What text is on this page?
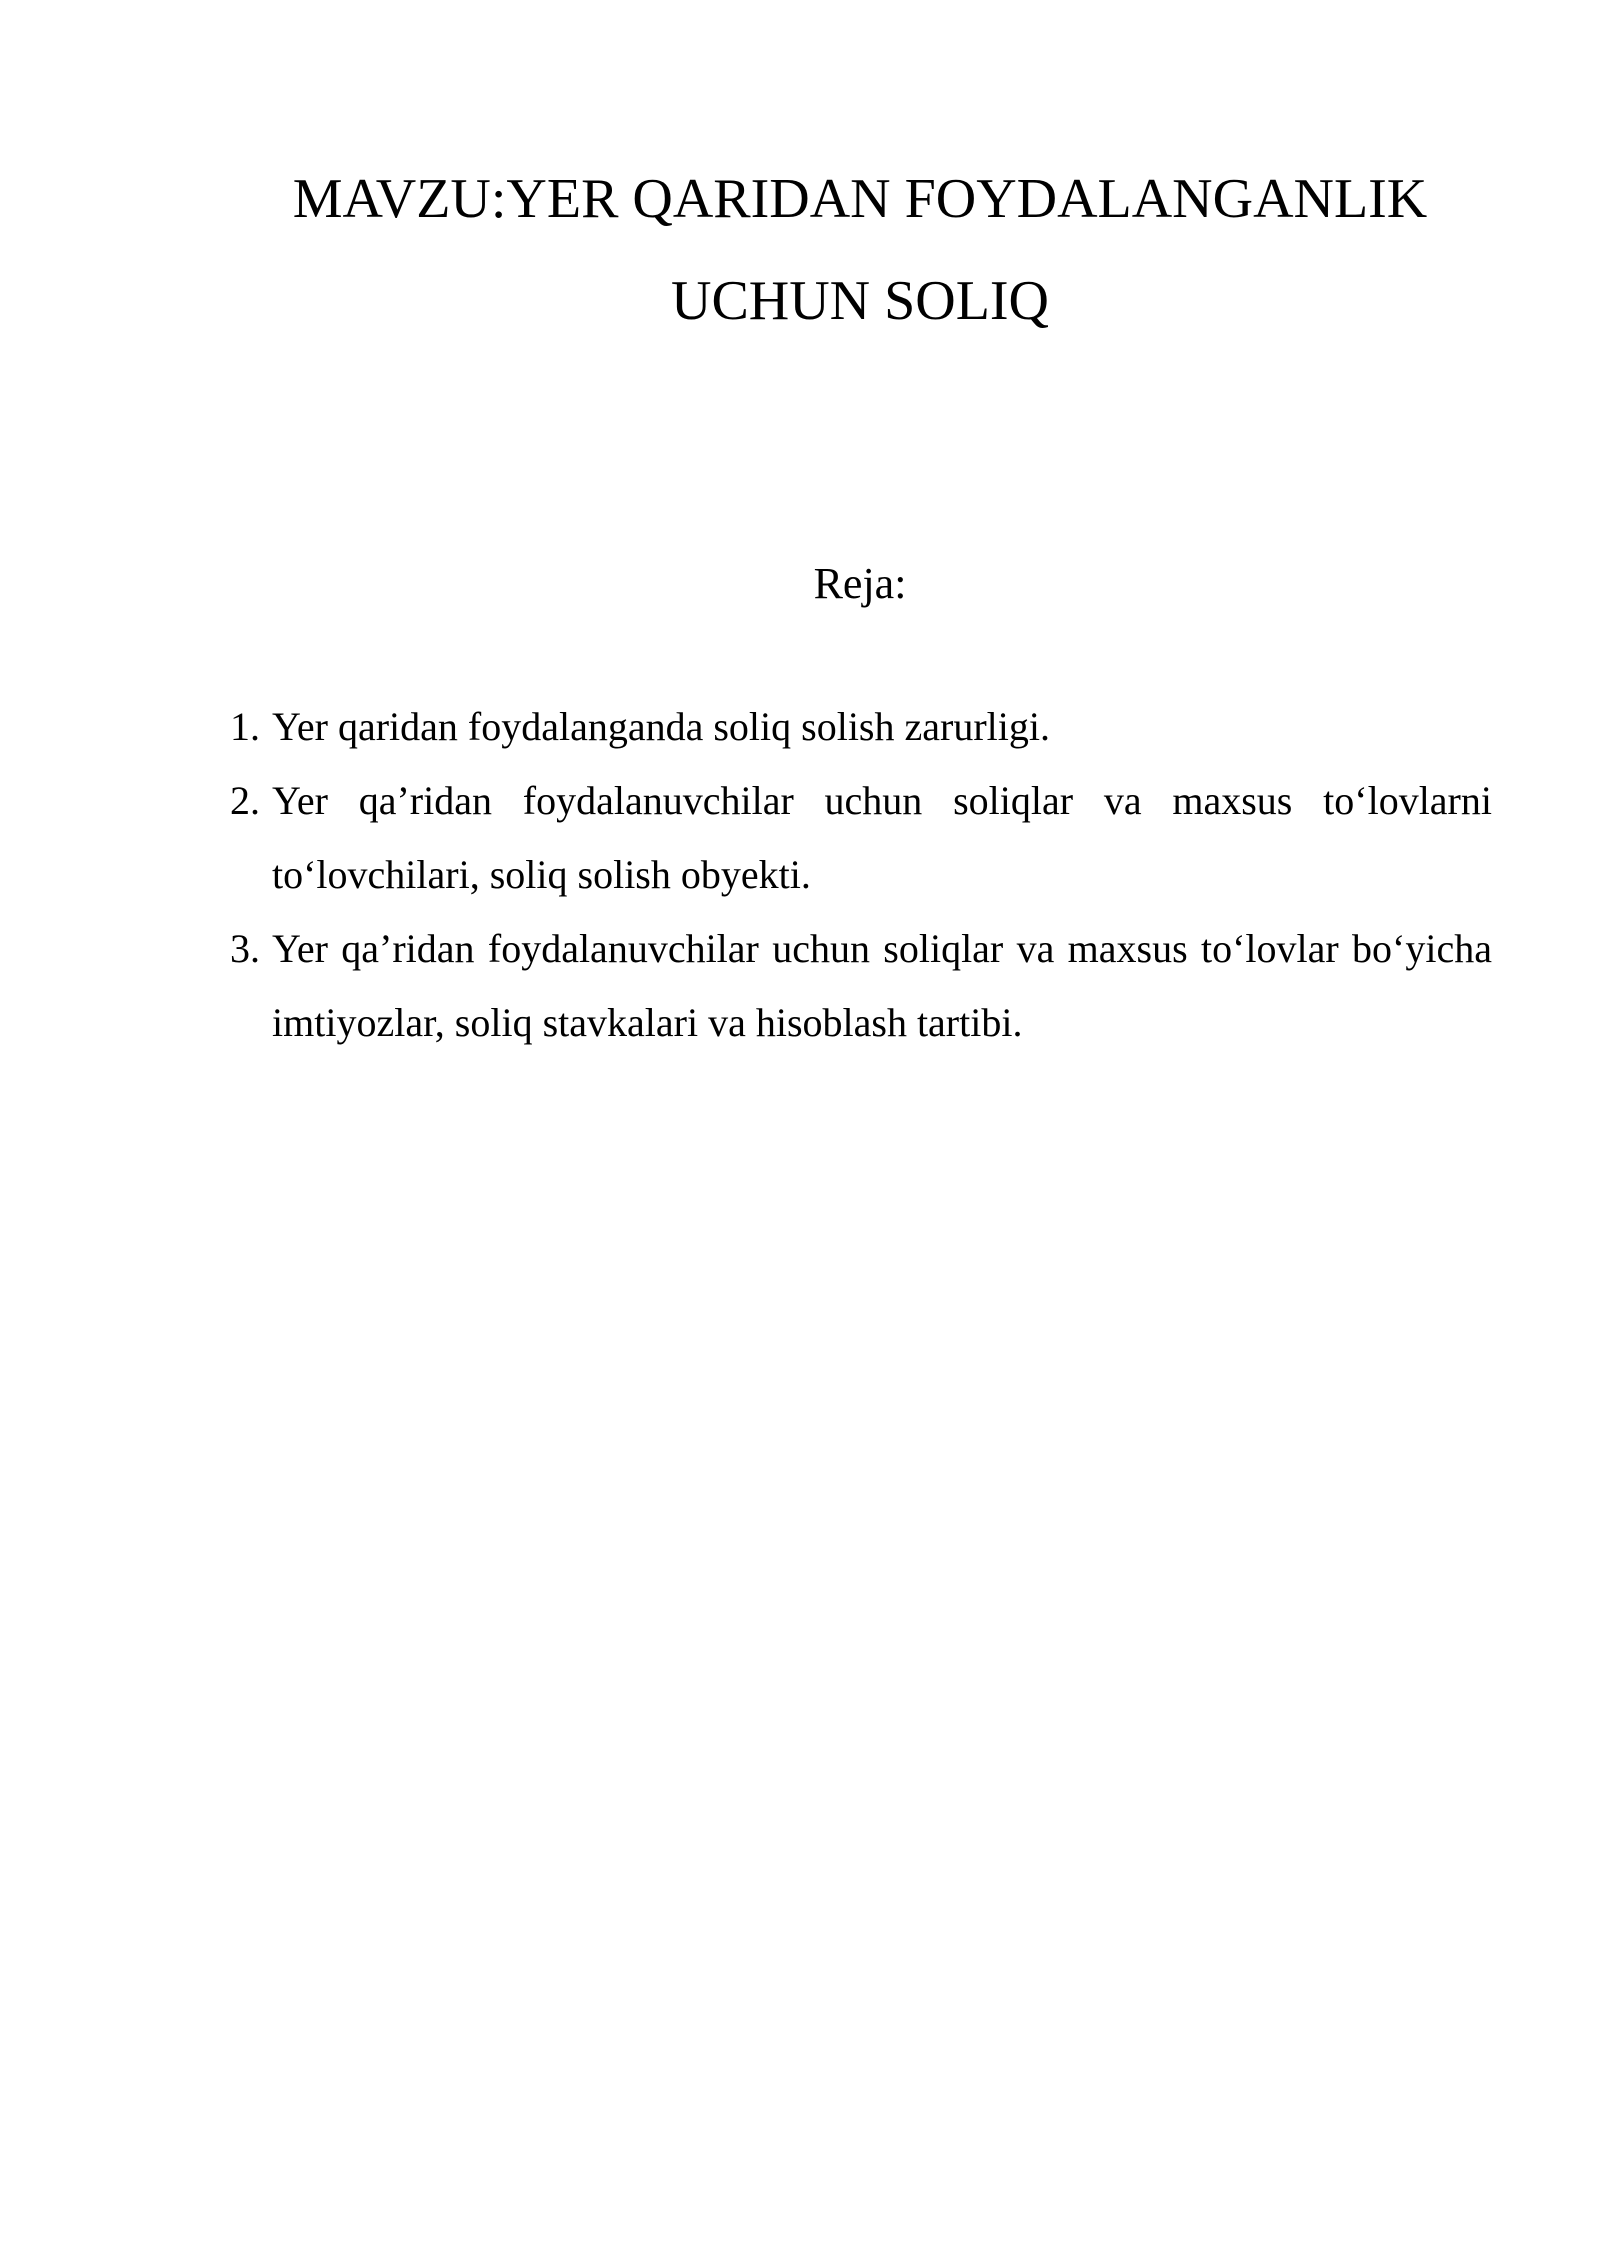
MAVZU:YER QARIDAN FOYDALANGANLIK
UCHUN SOLIQ

Reja:

1. Yer qaridan foydalanganda soliq solish zarurligi.
2. Yer qa’ridan foydalanuvchilar uchun soliqlar va maxsus to‘lovlarni to‘lovchilari, soliq solish obyekti.
3. Yer qa’ridan foydalanuvchilar uchun soliqlar va maxsus to‘lovlar bo‘yicha imtiyozlar, soliq stavkalari va hisoblash tartibi.
